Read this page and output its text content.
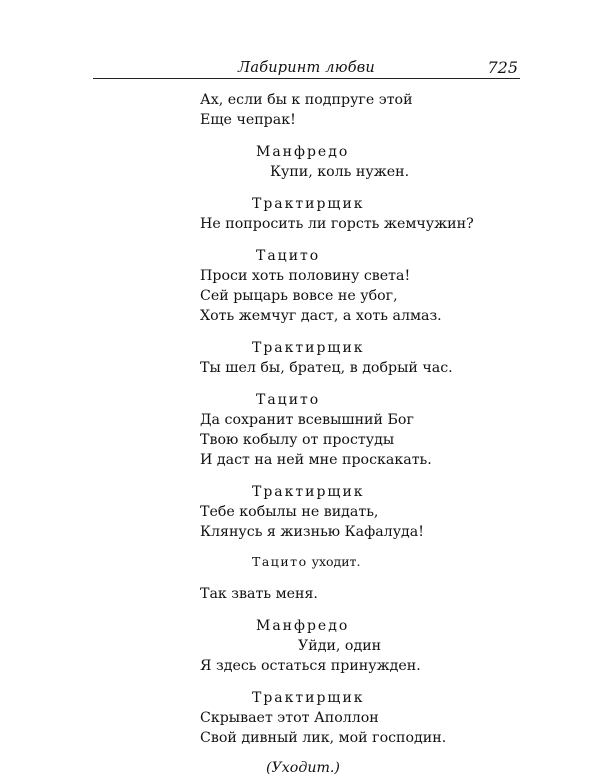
Лабиринт любви	725
Ах, если бы к подпруге этой
Еще чепрак!
Манфредо
Купи, коль нужен.
Трактирщик
Не попросить ли горсть жемчужин?
Тацито
Проси хоть половину света!
Сей рыцарь вовсе не убог,
Хоть жемчуг даст, а хоть алмаз.
Трактирщик
Ты шел бы, братец, в добрый час.
Тацито
Да сохранит всевышний Бог
Твою кобылу от простуды
И даст на ней мне проскакать.
Трактирщик
Тебе кобылы не видать,
Клянусь я жизнью Кафалуда!
Тацито уходит.
Так звать меня.
Манфредо
Уйди, один
Я здесь остаться принужден.
Трактирщик
Скрывает этот Аполлон
Свой дивный лик, мой господин.
(Уходит.)
